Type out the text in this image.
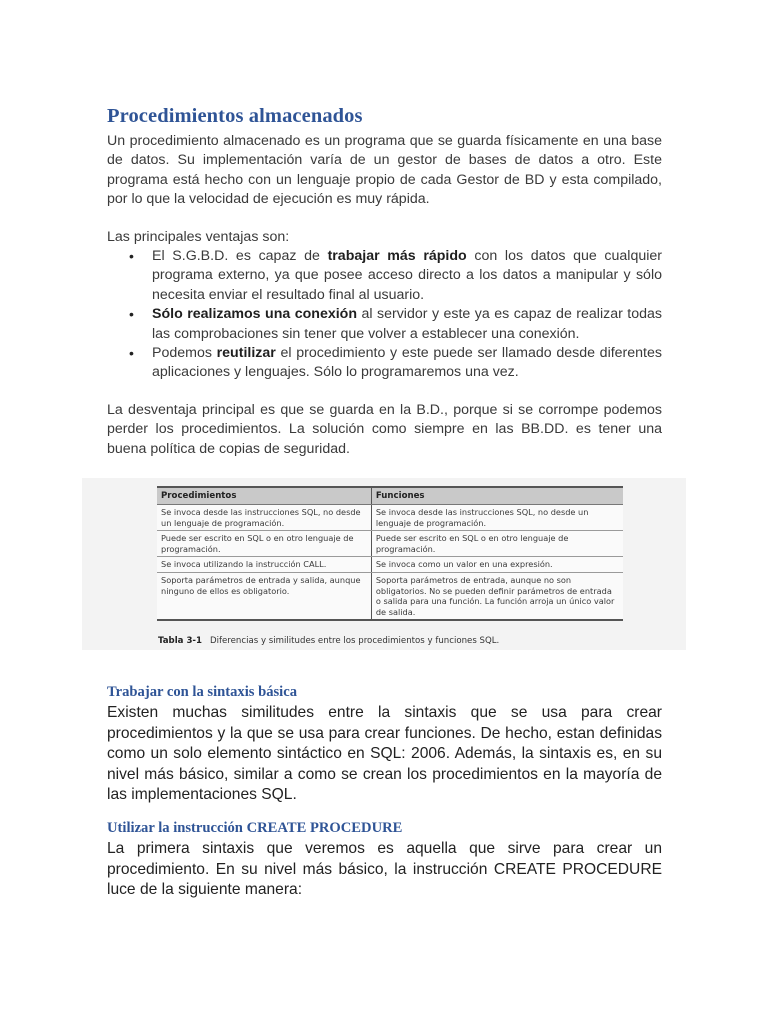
Procedimientos almacenados

Un procedimiento almacenado es un programa que se guarda físicamente en una base de datos. Su implementación varía de un gestor de bases de datos a otro. Este programa está hecho con un lenguaje propio de cada Gestor de BD y esta compilado, por lo que la velocidad de ejecución es muy rápida.

Las principales ventajas son:

• El S.G.B.D. es capaz de trabajar más rápido con los datos que cualquier programa externo, ya que posee acceso directo a los datos a manipular y sólo necesita enviar el resultado final al usuario.
• Sólo realizamos una conexión al servidor y este ya es capaz de realizar todas las comprobaciones sin tener que volver a establecer una conexión.
• Podemos reutilizar el procedimiento y este puede ser llamado desde diferentes aplicaciones y lenguajes. Sólo lo programaremos una vez.

La desventaja principal es que se guarda en la B.D., porque si se corrompe podemos perder los procedimientos. La solución como siempre en las BB.DD. es tener una buena política de copias de seguridad.

Procedimientos	Funciones
Se invoca desde las instrucciones SQL, no desde un lenguaje de programación.	Se invoca desde las instrucciones SQL, no desde un lenguaje de programación.
Puede ser escrito en SQL o en otro lenguaje de programación.	Puede ser escrito en SQL o en otro lenguaje de programación.
Se invoca utilizando la instrucción CALL.	Se invoca como un valor en una expresión.
Soporta parámetros de entrada y salida, aunque ninguno de ellos es obligatorio.	Soporta parámetros de entrada, aunque no son obligatorios. No se pueden definir parámetros de entrada o salida para una función. La función arroja un único valor de salida.
Tabla 3-1 Diferencias y similitudes entre los procedimientos y funciones SQL.
Trabajar con la sintaxis básica

Existen muchas similitudes entre la sintaxis que se usa para crear procedimientos y la que se usa para crear funciones. De hecho, estan definidas como un solo elemento sintáctico en SQL: 2006. Además, la sintaxis es, en su nivel más básico, similar a como se crean los procedimientos en la mayoría de las implementaciones SQL.

Utilizar la instrucción CREATE PROCEDURE

La primera sintaxis que veremos es aquella que sirve para crear un procedimiento. En su nivel más básico, la instrucción CREATE PROCEDURE luce de la siguiente manera:
